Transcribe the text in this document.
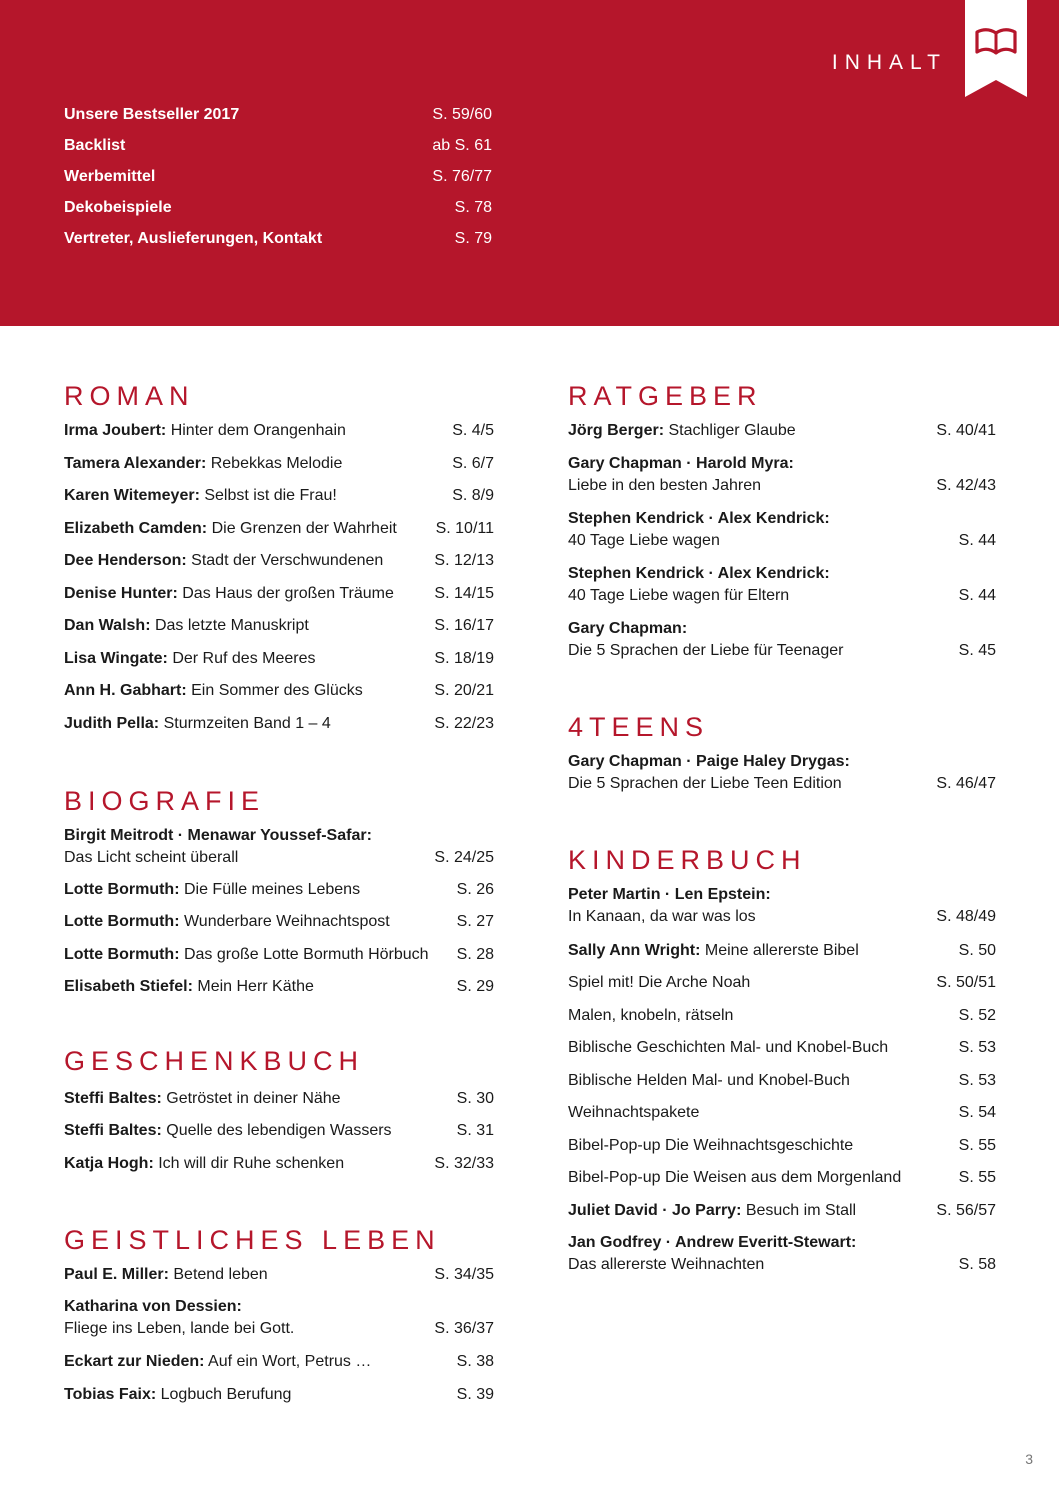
INHALT
Unsere Bestseller 2017	S. 59/60
Backlist	ab S. 61
Werbemittel	S. 76/77
Dekobeispiele	S. 78
Vertreter, Auslieferungen, Kontakt	S. 79
ROMAN
Irma Joubert: Hinter dem Orangenhain	S. 4/5
Tamera Alexander: Rebekkas Melodie	S. 6/7
Karen Witemeyer: Selbst ist die Frau!	S. 8/9
Elizabeth Camden: Die Grenzen der Wahrheit S. 10/11
Dee Henderson: Stadt der Verschwundenen	S. 12/13
Denise Hunter: Das Haus der großen Träume	S. 14/15
Dan Walsh: Das letzte Manuskript	S. 16/17
Lisa Wingate: Der Ruf des Meeres	S. 18/19
Ann H. Gabhart: Ein Sommer des Glücks	S. 20/21
Judith Pella: Sturmzeiten Band 1 – 4	S. 22/23
BIOGRAFIE
Birgit Meitrodt · Menawar Youssef-Safar:
Das Licht scheint überall	S. 24/25
Lotte Bormuth: Die Fülle meines Lebens	S. 26
Lotte Bormuth: Wunderbare Weihnachtspost	S. 27
Lotte Bormuth: Das große Lotte Bormuth Hörbuch S. 28
Elisabeth Stiefel: Mein Herr Käthe	S. 29
GESCHENKBUCH
Steffi Baltes: Getröstet in deiner Nähe	S. 30
Steffi Baltes: Quelle des lebendigen Wassers	S. 31
Katja Hogh: Ich will dir Ruhe schenken	S. 32/33
GEISTLICHES LEBEN
Paul E. Miller: Betend leben	S. 34/35
Katharina von Dessien:
Fliege ins Leben, lande bei Gott.	S. 36/37
Eckart zur Nieden: Auf ein Wort, Petrus …	S. 38
Tobias Faix: Logbuch Berufung	S. 39
RATGEBER
Jörg Berger: Stachliger Glaube	S. 40/41
Gary Chapman · Harold Myra:
Liebe in den besten Jahren	S. 42/43
Stephen Kendrick · Alex Kendrick:
40 Tage Liebe wagen	S. 44
Stephen Kendrick · Alex Kendrick:
40 Tage Liebe wagen für Eltern	S. 44
Gary Chapman:
Die 5 Sprachen der Liebe für Teenager	S. 45
4TEENS
Gary Chapman · Paige Haley Drygas:
Die 5 Sprachen der Liebe Teen Edition	S. 46/47
KINDERBUCH
Peter Martin · Len Epstein:
In Kanaan, da war was los	S. 48/49
Sally Ann Wright: Meine allererste Bibel	S. 50
Spiel mit! Die Arche Noah	S. 50/51
Malen, knobeln, rätseln	S. 52
Biblische Geschichten Mal- und Knobel-Buch	S. 53
Biblische Helden Mal- und Knobel-Buch	S. 53
Weihnachtspakete	S. 54
Bibel-Pop-up Die Weihnachtsgeschichte	S. 55
Bibel-Pop-up Die Weisen aus dem Morgenland	S. 55
Juliet David · Jo Parry: Besuch im Stall	S. 56/57
Jan Godfrey · Andrew Everitt-Stewart:
Das allererste Weihnachten	S. 58
3
